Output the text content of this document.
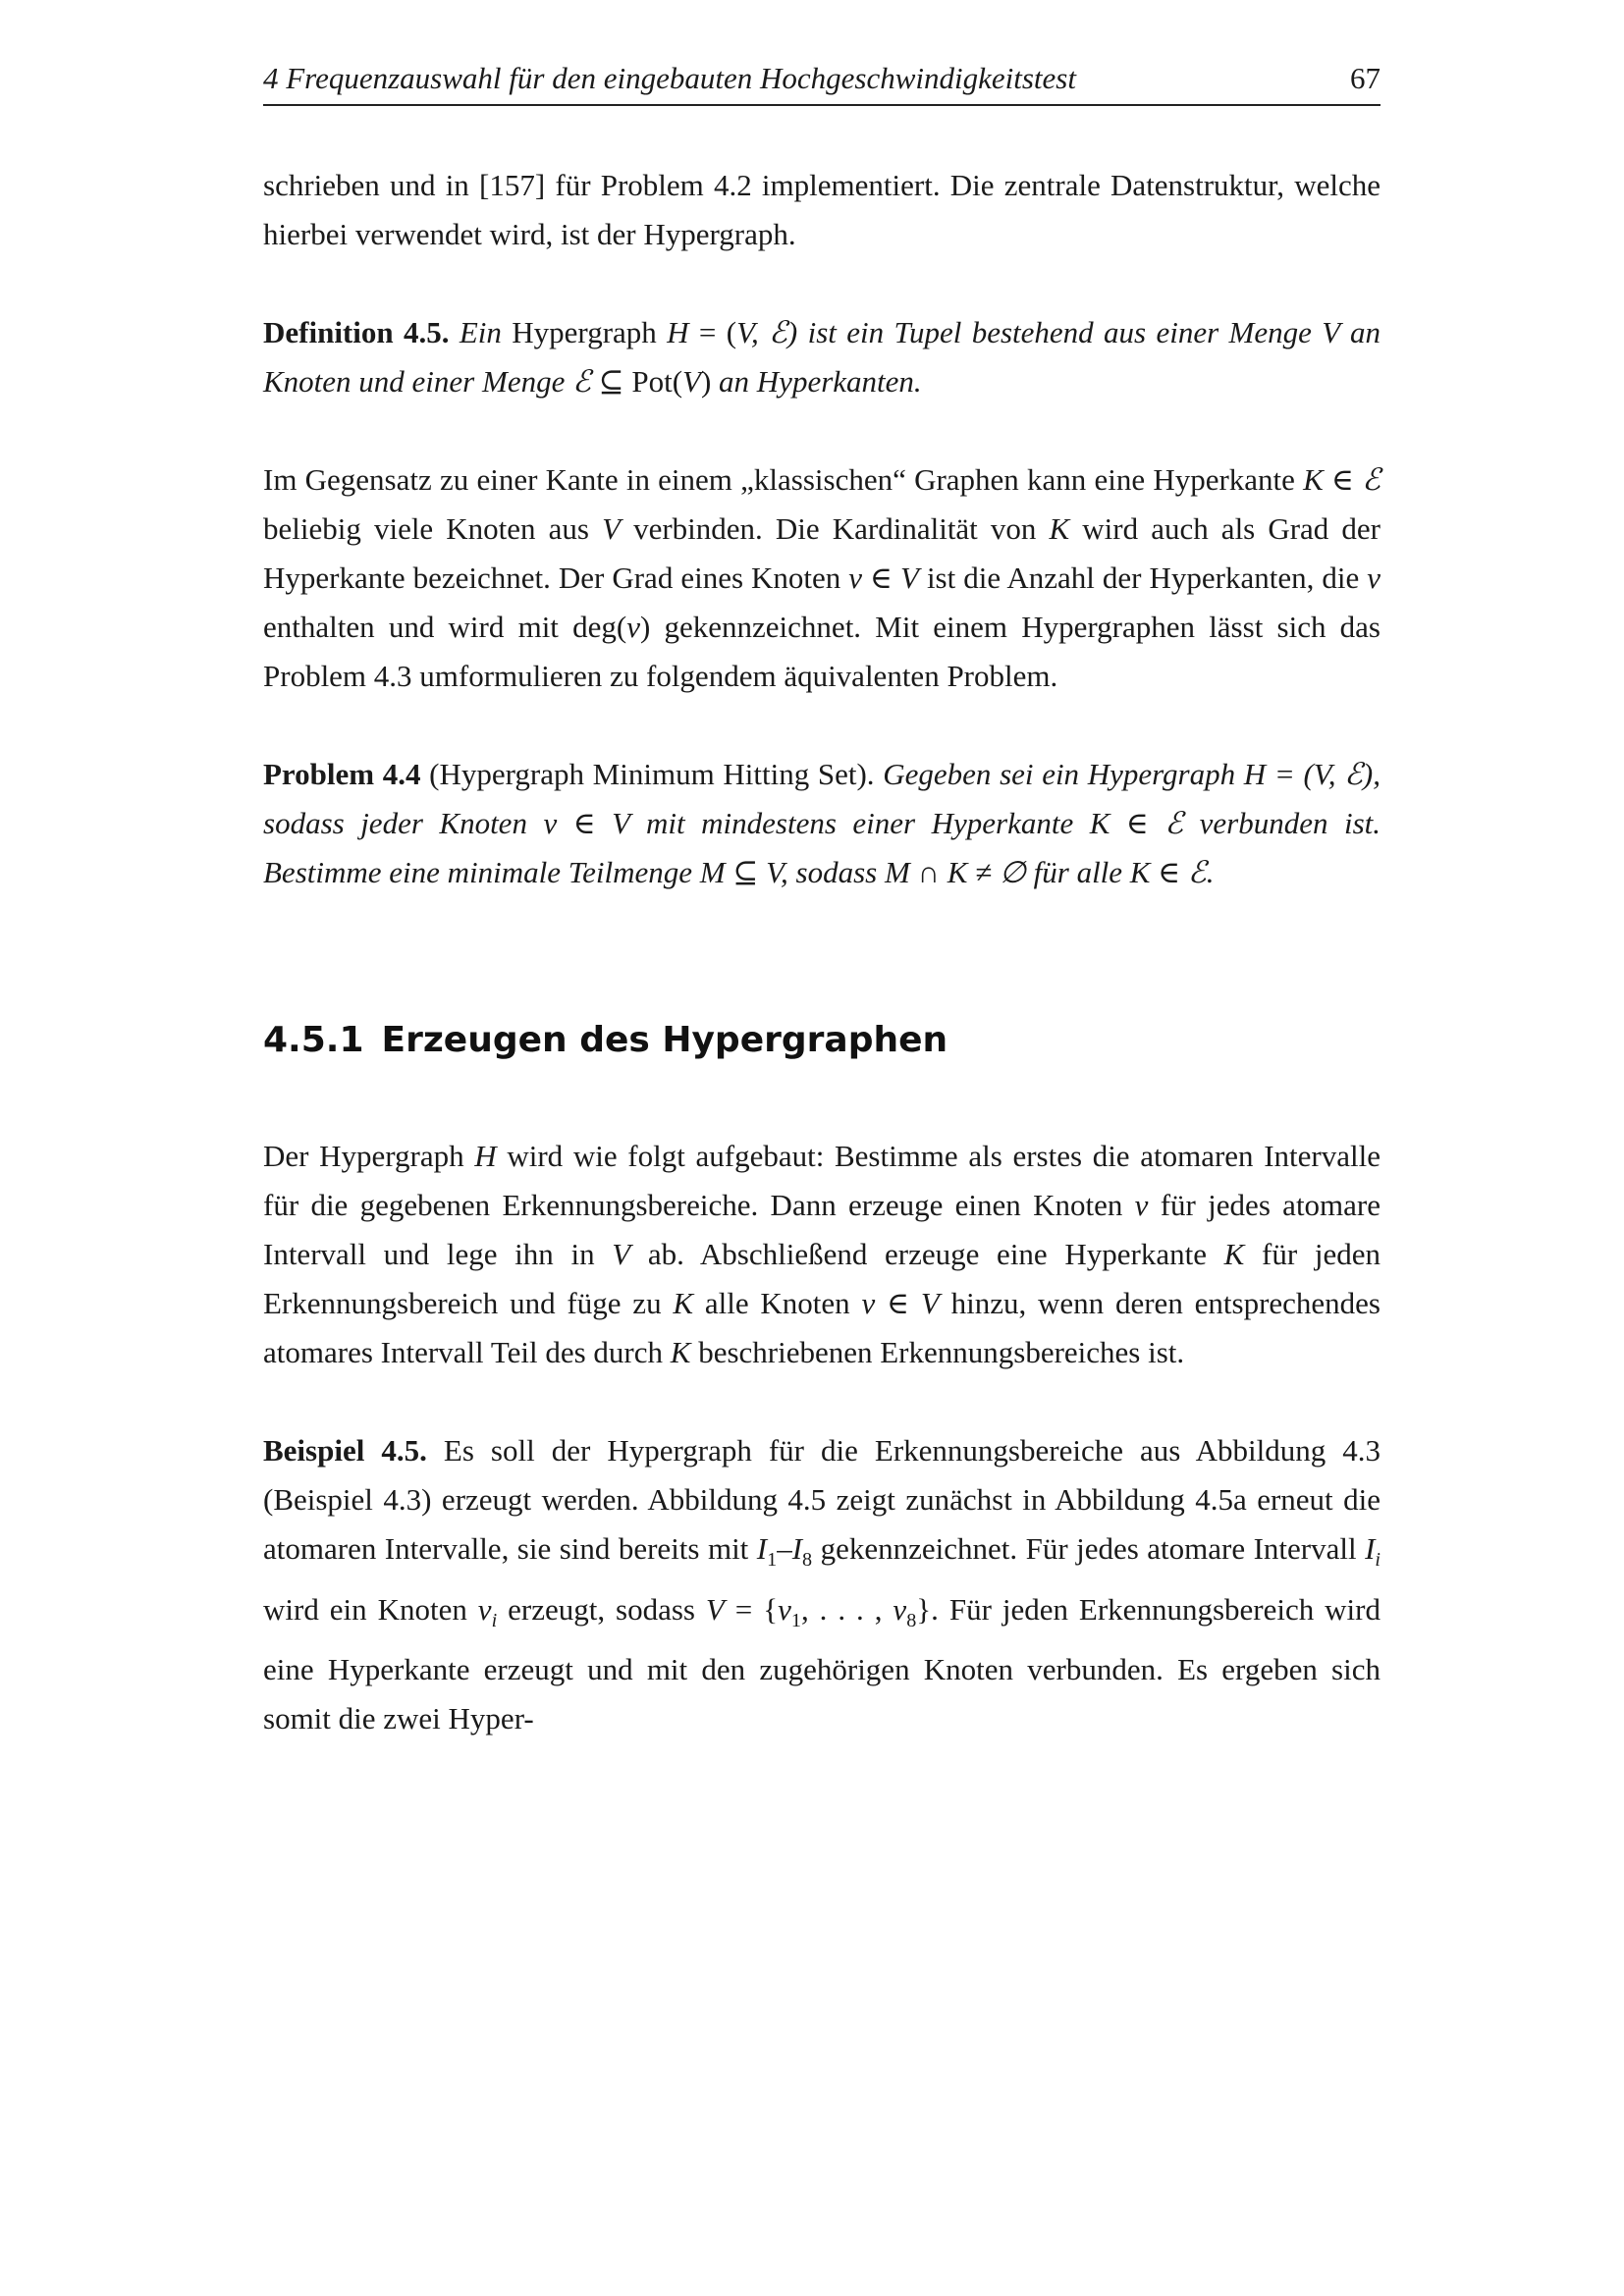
4 Frequenzauswahl für den eingebauten Hochgeschwindigkeitstest	67

schrieben und in [157] für Problem 4.2 implementiert. Die zentrale Datenstruktur, welche hierbei verwendet wird, ist der Hypergraph.

Definition 4.5. Ein Hypergraph H = (V, ℰ) ist ein Tupel bestehend aus einer Menge V an Knoten und einer Menge ℰ ⊆ Pot(V) an Hyperkanten.

Im Gegensatz zu einer Kante in einem „klassischen“ Graphen kann eine Hyperkante K ∈ ℰ beliebig viele Knoten aus V verbinden. Die Kardinalität von K wird auch als Grad der Hyperkante bezeichnet. Der Grad eines Knoten v ∈ V ist die Anzahl der Hyperkanten, die v enthalten und wird mit deg(v) gekennzeichnet. Mit einem Hypergraphen lässt sich das Problem 4.3 umformulieren zu folgendem äquivalenten Problem.

Problem 4.4 (Hypergraph Minimum Hitting Set). Gegeben sei ein Hypergraph H = (V, ℰ), sodass jeder Knoten v ∈ V mit mindestens einer Hyperkante K ∈ ℰ verbunden ist. Bestimme eine minimale Teilmenge M ⊆ V, sodass M ∩ K ≠ ∅ für alle K ∈ ℰ.

4.5.1 Erzeugen des Hypergraphen

Der Hypergraph H wird wie folgt aufgebaut: Bestimme als erstes die atomaren Intervalle für die gegebenen Erkennungsbereiche. Dann erzeuge einen Knoten v für jedes atomare Intervall und lege ihn in V ab. Abschließend erzeuge eine Hyperkante K für jeden Erkennungsbereich und füge zu K alle Knoten v ∈ V hinzu, wenn deren entsprechendes atomares Intervall Teil des durch K beschriebenen Erkennungsbereiches ist.

Beispiel 4.5. Es soll der Hypergraph für die Erkennungsbereiche aus Abbildung 4.3 (Beispiel 4.3) erzeugt werden. Abbildung 4.5 zeigt zunächst in Abbildung 4.5a erneut die atomaren Intervalle, sie sind bereits mit $I_1-I_8$ gekennzeichnet. Für jedes atomare Intervall $I_i$ wird ein Knoten $v_i$ erzeugt, sodass $V = \{v_1$, . . . , $v_8$}. Für jeden Erkennungsbereich wird eine Hyperkante erzeugt und mit den zugehörigen Knoten verbunden. Es ergeben sich somit die zwei Hyper-
